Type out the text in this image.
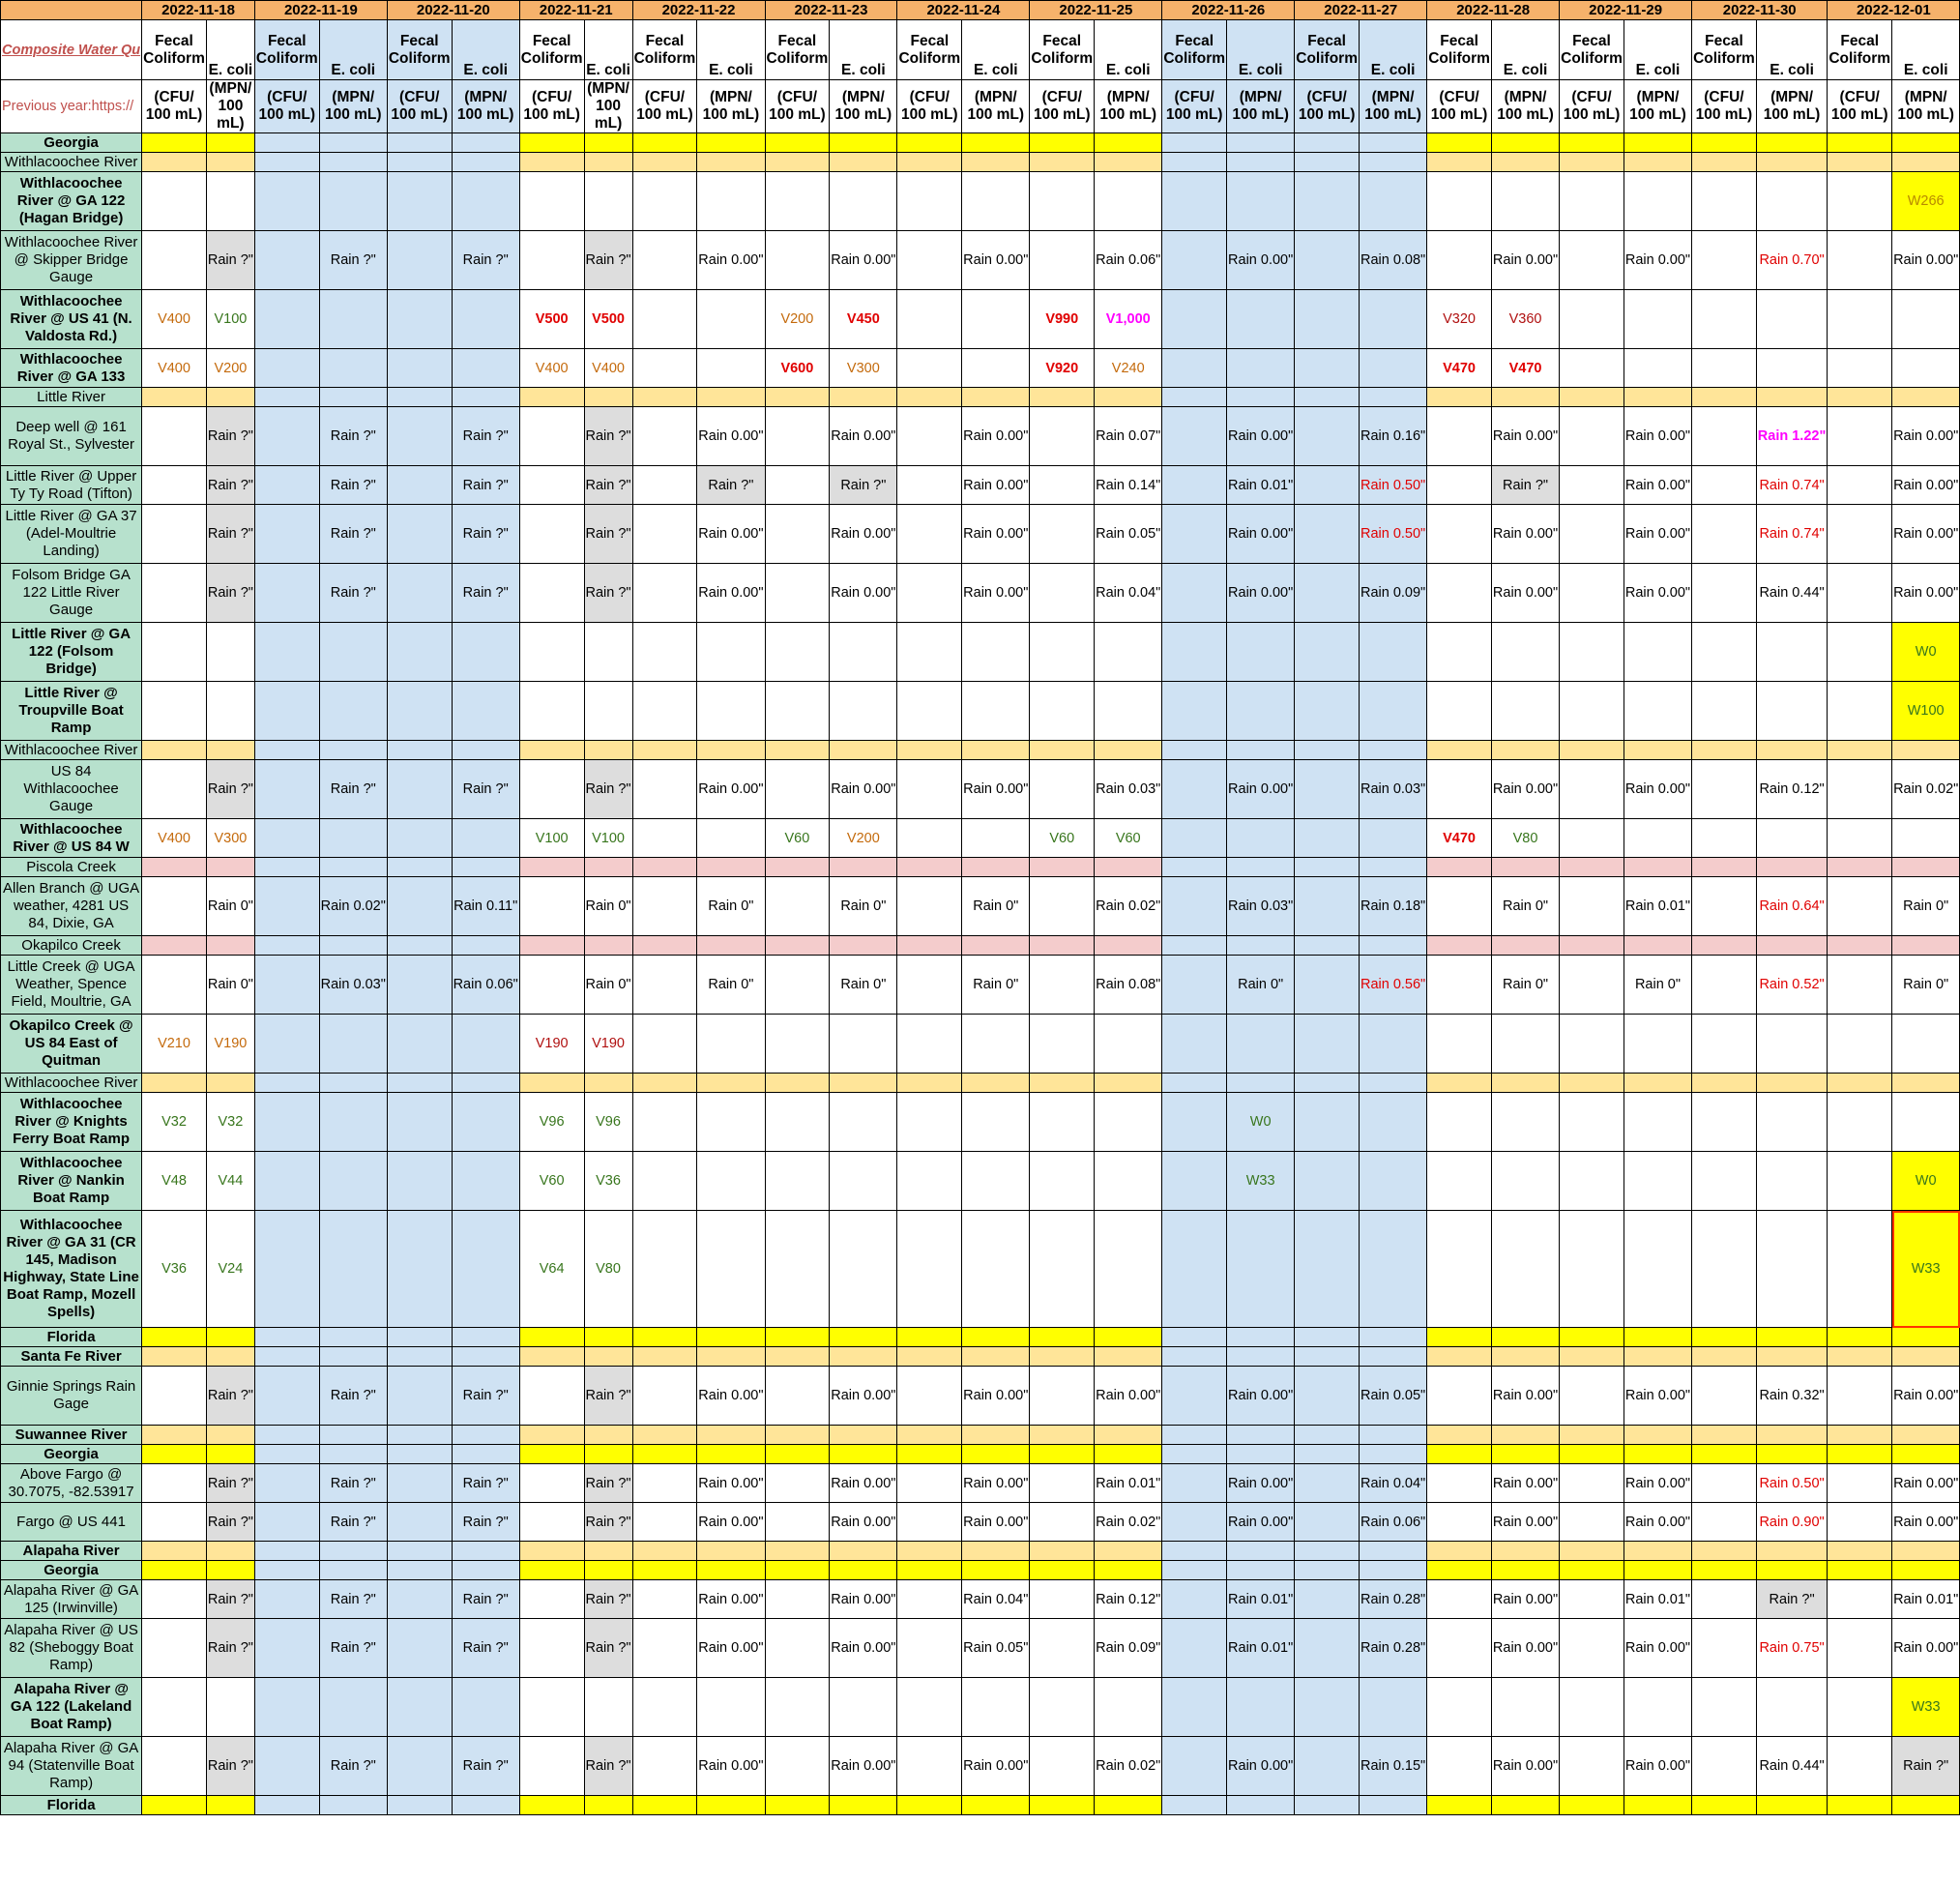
	2022-11-18		2022-11-19		2022-11-20		2022-11-21		2022-11-22		2022-11-23		2022-11-24		2022-11-25		2022-11-26		2022-11-27		2022-11-28		2022-11-29		2022-11-30		2022-12-01	
Composite Water Qu	Fecal Coliform	E. coli	Fecal Coliform	E. coli	Fecal Coliform	E. coli	Fecal Coliform	E. coli	Fecal Coliform	E. coli	Fecal Coliform	E. coli	Fecal Coliform	E. coli	Fecal Coliform	E. coli	Fecal Coliform	E. coli	Fecal Coliform	E. coli	Fecal Coliform	E. coli	Fecal Coliform	E. coli	Fecal Coliform	E. coli	Fecal Coliform	E. coli
Previous year:https://	(CFU/ 100 mL)	(MPN/ 100 mL)	(CFU/ 100 mL)	(MPN/ 100 mL)	(CFU/ 100 mL)	(MPN/ 100 mL)	(CFU/ 100 mL)	(MPN/ 100 mL)	(CFU/ 100 mL)	(MPN/ 100 mL)	(CFU/ 100 mL)	(MPN/ 100 mL)	(CFU/ 100 mL)	(MPN/ 100 mL)	(CFU/ 100 mL)	(MPN/ 100 mL)	(CFU/ 100 mL)	(MPN/ 100 mL)	(CFU/ 100 mL)	(MPN/ 100 mL)	(CFU/ 100 mL)	(MPN/ 100 mL)	(CFU/ 100 mL)	(MPN/ 100 mL)	(CFU/ 100 mL)	(MPN/ 100 mL)	(CFU/ 100 mL)	(MPN/ 100 mL)
Georgia																												
Withlacoochee River																												
Withlacoochee River @ GA 122 (Hagan Bridge)																												W266
Withlacoochee River @ Skipper Bridge Gauge		Rain ?"		Rain ?"		Rain ?"		Rain ?"		Rain 0.00"		Rain 0.00"		Rain 0.00"		Rain 0.06"		Rain 0.00"		Rain 0.08"		Rain 0.00"		Rain 0.00"		Rain 0.70"		Rain 0.00"
Withlacoochee River @ US 41 (N. Valdosta Rd.)	V400	V100					V500	V500			V200	V450			V990	V1,000					V320	V360						
Withlacoochee River @ GA 133	V400	V200					V400	V400			V600	V300			V920	V240					V470	V470						
Little River																												
Deep well @ 161 Royal St., Sylvester		Rain ?"		Rain ?"		Rain ?"		Rain ?"		Rain 0.00"		Rain 0.00"		Rain 0.00"		Rain 0.07"		Rain 0.00"		Rain 0.16"		Rain 0.00"		Rain 0.00"		Rain 1.22"		Rain 0.00"
Little River @ Upper Ty Ty Road (Tifton)		Rain ?"		Rain ?"		Rain ?"		Rain ?"		Rain ?"		Rain ?"		Rain 0.00"		Rain 0.14"		Rain 0.01"		Rain 0.50"		Rain ?"		Rain 0.00"		Rain 0.74"		Rain 0.00"
Little River @ GA 37 (Adel-Moultrie Landing)		Rain ?"		Rain ?"		Rain ?"		Rain ?"		Rain 0.00"		Rain 0.00"		Rain 0.00"		Rain 0.05"		Rain 0.00"		Rain 0.50"		Rain 0.00"		Rain 0.00"		Rain 0.74"		Rain 0.00"
Folsom Bridge GA 122 Little River Gauge		Rain ?"		Rain ?"		Rain ?"		Rain ?"		Rain 0.00"		Rain 0.00"		Rain 0.00"		Rain 0.04"		Rain 0.00"		Rain 0.09"		Rain 0.00"		Rain 0.00"		Rain 0.44"		Rain 0.00"
Little River @ GA 122 (Folsom Bridge)																												W0
Little River @ Troupville Boat Ramp																												W100
Withlacoochee River																												
US 84 Withlacoochee Gauge		Rain ?"		Rain ?"		Rain ?"		Rain ?"		Rain 0.00"		Rain 0.00"		Rain 0.00"		Rain 0.03"		Rain 0.00"		Rain 0.03"		Rain 0.00"		Rain 0.00"		Rain 0.12"		Rain 0.02"
Withlacoochee River @ US 84 W	V400	V300					V100	V100			V60	V200			V60	V60					V470	V80						
Piscola Creek																												
Allen Branch @ UGA weather, 4281 US 84, Dixie, GA		Rain 0"		Rain 0.02"		Rain 0.11"		Rain 0"		Rain 0"		Rain 0"		Rain 0"		Rain 0.02"		Rain 0.03"		Rain 0.18"		Rain 0"		Rain 0.01"		Rain 0.64"		Rain 0"
Okapilco Creek																												
Little Creek @ UGA Weather, Spence Field, Moultrie, GA		Rain 0"		Rain 0.03"		Rain 0.06"		Rain 0"		Rain 0"		Rain 0"		Rain 0"		Rain 0.08"		Rain 0"		Rain 0.56"		Rain 0"		Rain 0"		Rain 0.52"		Rain 0"
Okapilco Creek @ US 84 East of Quitman	V210	V190					V190	V190																				
Withlacoochee River																												
Withlacoochee River @ Knights Ferry Boat Ramp	V32	V32					V96	V96										W0										
Withlacoochee River @ Nankin Boat Ramp	V48	V44					V60	V36										W33										W0
Withlacoochee River @ GA 31 (CR 145, Madison Highway, State Line Boat Ramp, Mozell Spells)	V36	V24					V64	V80																				W33
Florida																												
Santa Fe River																												
Ginnie Springs Rain Gage		Rain ?"		Rain ?"		Rain ?"		Rain ?"		Rain 0.00"		Rain 0.00"		Rain 0.00"		Rain 0.00"		Rain 0.00"		Rain 0.05"		Rain 0.00"		Rain 0.00"		Rain 0.32"		Rain 0.00"
Suwannee River																												
Georgia																												
Above Fargo @ 30.7075, -82.53917		Rain ?"		Rain ?"		Rain ?"		Rain ?"		Rain 0.00"		Rain 0.00"		Rain 0.00"		Rain 0.01"		Rain 0.00"		Rain 0.04"		Rain 0.00"		Rain 0.00"		Rain 0.50"		Rain 0.00"
Fargo @ US 441		Rain ?"		Rain ?"		Rain ?"		Rain ?"		Rain 0.00"		Rain 0.00"		Rain 0.00"		Rain 0.02"		Rain 0.00"		Rain 0.06"		Rain 0.00"		Rain 0.00"		Rain 0.90"		Rain 0.00"
Alapaha River																												
Georgia																												
Alapaha River @ GA 125 (Irwinville)		Rain ?"		Rain ?"		Rain ?"		Rain ?"		Rain 0.00"		Rain 0.00"		Rain 0.04"		Rain 0.12"		Rain 0.01"		Rain 0.28"		Rain 0.00"		Rain 0.01"		Rain ?"		Rain 0.01"
Alapaha River @ US 82 (Sheboggy Boat Ramp)		Rain ?"		Rain ?"		Rain ?"		Rain ?"		Rain 0.00"		Rain 0.00"		Rain 0.05"		Rain 0.09"		Rain 0.01"		Rain 0.28"		Rain 0.00"		Rain 0.00"		Rain 0.75"		Rain 0.00"
Alapaha River @ GA 122 (Lakeland Boat Ramp)																												W33
Alapaha River @ GA 94 (Statenville Boat Ramp)		Rain ?"		Rain ?"		Rain ?"		Rain ?"		Rain 0.00"		Rain 0.00"		Rain 0.00"		Rain 0.02"		Rain 0.00"		Rain 0.15"		Rain 0.00"		Rain 0.00"		Rain 0.44"		Rain ?"
Florida																												
